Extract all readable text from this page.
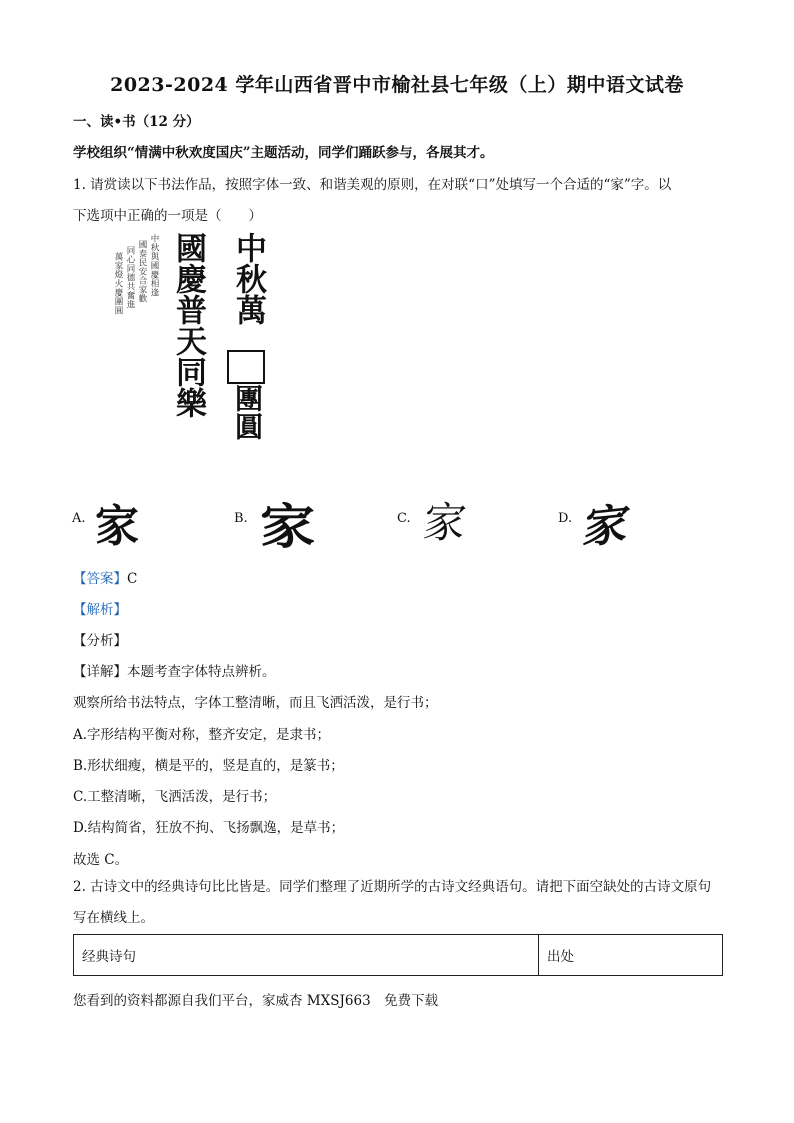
2023-2024 学年山西省晋中市榆社县七年级（上）期中语文试卷
一、读•书（12 分）
学校组织“情满中秋欢度国庆”主题活动，同学们踊跃参与，各展其才。
1. 请赏读以下书法作品，按照字体一致、和谐美观的原则，在对联“口”处填写一个合适的“家”字。以
下选项中正确的一项是（　　）
萬家燈火慶團圓 同心同德共奮進 國泰民安合家歡 中秋與國慶相逢 國慶普天同樂 中秋萬
團圓
A. 家	B. 家	C. 家	D. 家
【答案】C
【解析】
【分析】
【详解】本题考查字体特点辨析。
观察所给书法特点，字体工整清晰，而且飞洒活泼，是行书；
A.字形结构平衡对称，整齐安定，是隶书；
B.形状细瘦，横是平的，竖是直的，是篆书；
C.工整清晰，飞洒活泼，是行书；
D.结构简省，狂放不拘、飞扬飘逸，是草书；
故选 C。
2. 古诗文中的经典诗句比比皆是。同学们整理了近期所学的古诗文经典语句。请把下面空缺处的古诗文原句写在横线上。
经典诗句	出处
您看到的资料都源自我们平台，家威杏 MXSJ663　免费下载
